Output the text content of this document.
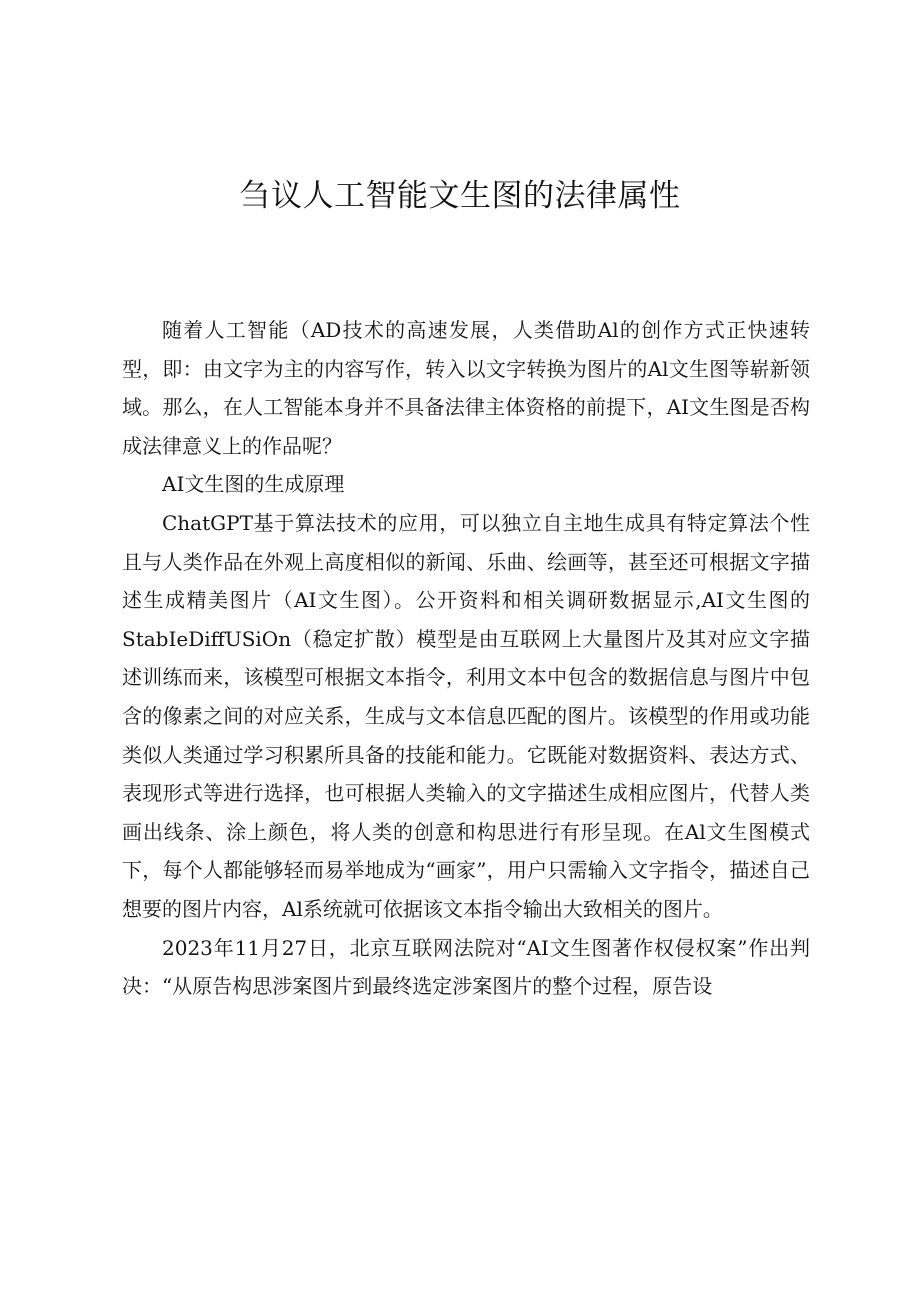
刍议人工智能文生图的法律属性

随着人工智能（AD技术的高速发展，人类借助Al的创作方式正快速转型，即：由文字为主的内容写作，转入以文字转换为图片的Al文生图等崭新领域。那么，在人工智能本身并不具备法律主体资格的前提下，AI文生图是否构成法律意义上的作品呢？

AI文生图的生成原理

ChatGPT基于算法技术的应用，可以独立自主地生成具有特定算法个性且与人类作品在外观上高度相似的新闻、乐曲、绘画等，甚至还可根据文字描述生成精美图片（AI文生图）。公开资料和相关调研数据显示,AI文生图的StabIeDiffUSiOn（稳定扩散）模型是由互联网上大量图片及其对应文字描述训练而来，该模型可根据文本指令，利用文本中包含的数据信息与图片中包含的像素之间的对应关系，生成与文本信息匹配的图片。该模型的作用或功能类似人类通过学习积累所具备的技能和能力。它既能对数据资料、表达方式、表现形式等进行选择，也可根据人类输入的文字描述生成相应图片，代替人类画出线条、涂上颜色，将人类的创意和构思进行有形呈现。在Al文生图模式下，每个人都能够轻而易举地成为“画家”，用户只需输入文字指令，描述自己想要的图片内容，Al系统就可依据该文本指令输出大致相关的图片。

2023年11月27日，北京互联网法院对“AI文生图著作权侵权案”作出判决：“从原告构思涉案图片到最终选定涉案图片的整个过程，原告设
